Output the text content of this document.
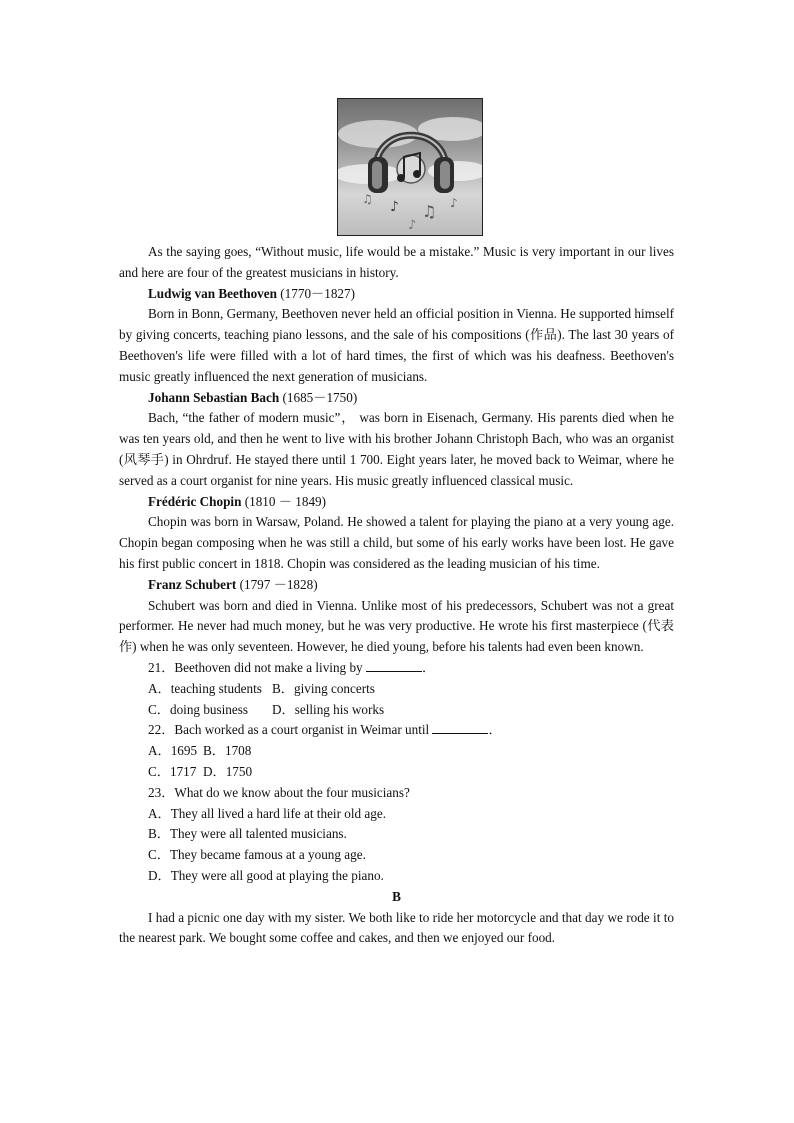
♪ ♫ ♪
♫
♪

As the saying goes, “Without music, life would be a mistake.” Music is very important in our lives and here are four of the greatest musicians in history.

Ludwig van Beethoven (1770－1827)

Born in Bonn, Germany, Beethoven never held an official position in Vienna. He supported himself by giving concerts, teaching piano lessons, and the sale of his compositions (作品). The last 30 years of Beethoven's life were filled with a lot of hard times, the first of which was his deafness. Beethoven's music greatly influenced the next generation of musicians.

Johann Sebastian Bach (1685－1750)

Bach, “the father of modern music”， was born in Eisenach, Germany. His parents died when he was ten years old, and then he went to live with his brother Johann Christoph Bach, who was an organist (风琴手) in Ohrdruf. He stayed there until 1 700. Eight years later, he moved back to Weimar, where he served as a court organist for nine years. His music greatly influenced classical music.

Frédéric Chopin (1810 － 1849)

Chopin was born in Warsaw, Poland. He showed a talent for playing the piano at a very young age. Chopin began composing when he was still a child, but some of his early works have been lost. He gave his first public concert in 1818. Chopin was considered as the leading musician of his time.

Franz Schubert (1797 －1828)

Schubert was born and died in Vienna. Unlike most of his predecessors, Schubert was not a great performer. He never had much money, but he was very productive. He wrote his first masterpiece (代表作) when he was only seventeen. However, he died young, before his talents had even been known.

21．Beethoven did not make a living by	．

A．teaching students B．giving concerts

C．doing business D．selling his works

22．Bach worked as a court organist in Weimar until	．

A．1695 B．1708

C．1717 D．1750

23．What do we know about the four musicians?

A．They all lived a hard life at their old age.

B．They were all talented musicians.

C．They became famous at a young age.

D．They were all good at playing the piano.

B

I had a picnic one day with my sister. We both like to ride her motorcycle and that day we rode it to the nearest park. We bought some coffee and cakes, and then we enjoyed our food.
